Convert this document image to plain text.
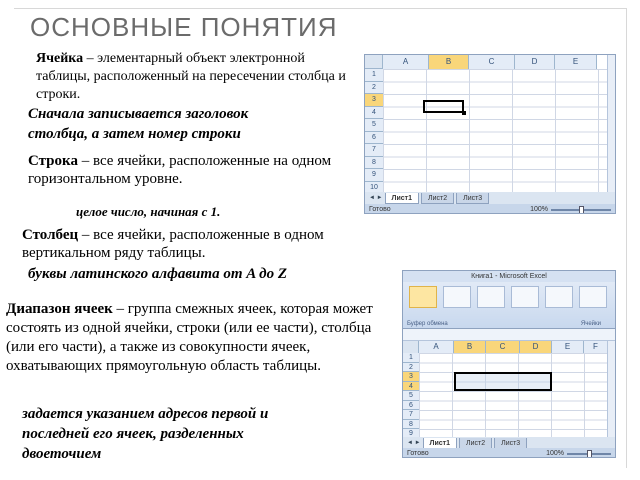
ОСНОВНЫЕ ПОНЯТИЯ
Ячейка – элементарный объект электронной таблицы, расположенный на пересечении столбца и строки.
Сначала записывается заголовок
столбца, а затем номер строки
Строка – все ячейки, расположенные на одном горизонтальном уровне.
целое число, начиная с 1.
Столбец – все ячейки, расположенные в одном вертикальном ряду таблицы.
буквы латинского алфавита от A до Z
Диапазон ячеек – группа смежных ячеек, которая может состоять из одной ячейки, строки (или ее части), столбца (или его части), а также из совокупности ячеек, охватывающих прямоугольную область таблицы.
задается указанием адресов первой и
последней его ячеек, разделенных
двоеточием
A	B	C	D	E
1
2
3
4
5
6
7
8
9
10
◄ ►	Лист1	Лист2	Лист3
Готово	100%
Книга1 - Microsoft Excel
Буфер обмена	Ячейки
A	B	C	D	E	F
1
2
3
4
5
6
7
8
9
◄ ►	Лист1	Лист2	Лист3
Готово	100%
